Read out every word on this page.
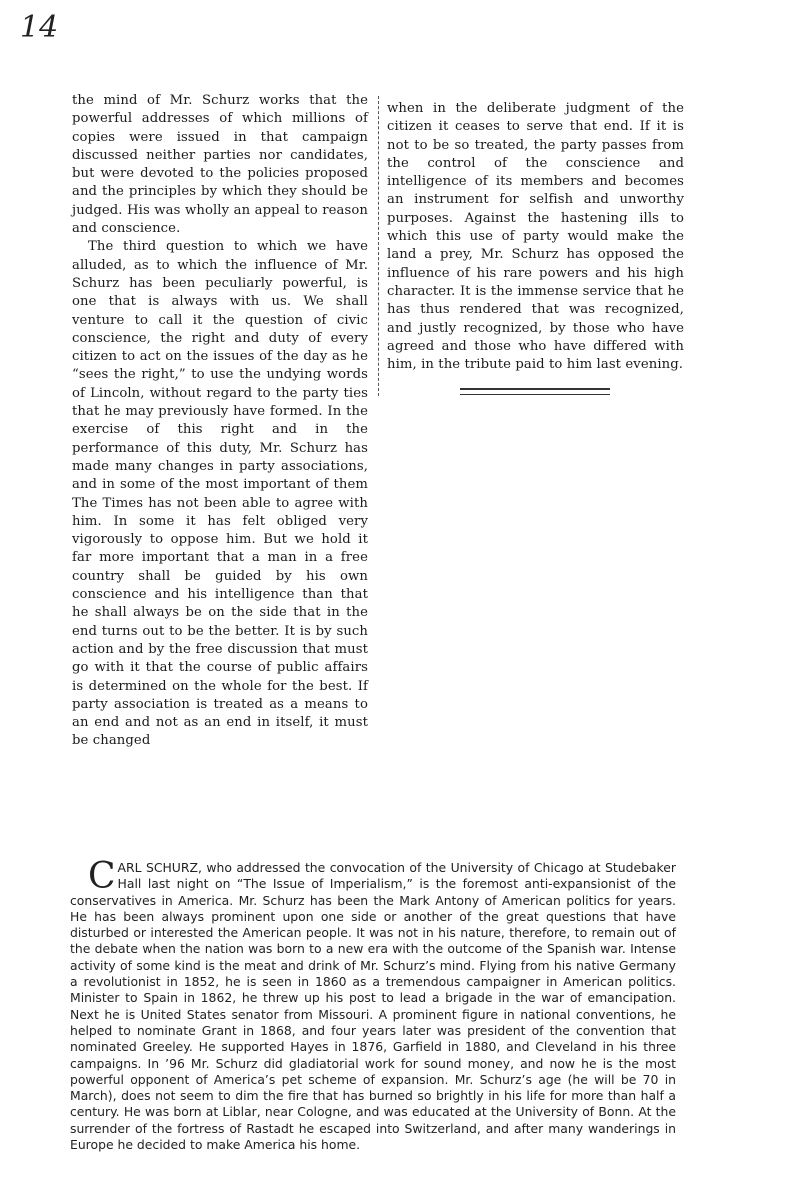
14

the mind of Mr. Schurz works that the powerful addresses of which millions of copies were issued in that campaign discussed neither parties nor candidates, but were devoted to the policies proposed and the principles by which they should be judged. His was wholly an appeal to reason and conscience.

The third question to which we have alluded, as to which the influence of Mr. Schurz has been peculiarly powerful, is one that is always with us. We shall venture to call it the question of civic conscience, the right and duty of every citizen to act on the issues of the day as he “sees the right,” to use the undying words of Lincoln, without regard to the party ties that he may previously have formed. In the exercise of this right and in the performance of this duty, Mr. Schurz has made many changes in party associations, and in some of the most important of them The Times has not been able to agree with him. In some it has felt obliged very vigorously to oppose him. But we hold it far more important that a man in a free country shall be guided by his own conscience and his intelligence than that he shall always be on the side that in the end turns out to be the better. It is by such action and by the free discussion that must go with it that the course of public affairs is determined on the whole for the best. If party association is treated as a means to an end and not as an end in itself, it must be changed

when in the deliberate judgment of the citizen it ceases to serve that end. If it is not to be so treated, the party passes from the control of the conscience and intelligence of its members and becomes an instrument for selfish and unworthy purposes. Against the hastening ills to which this use of party would make the land a prey, Mr. Schurz has opposed the influence of his rare powers and his high character. It is the immense service that he has thus rendered that was recognized, and justly recognized, by those who have agreed and those who have differed with him, in the tribute paid to him last evening.

C ARL SCHURZ, who addressed the convocation of the University of Chicago at Studebaker Hall last night on “The Issue of Imperialism,” is the foremost anti-expansionist of the conservatives in America. Mr. Schurz has been the Mark Antony of American politics for years. He has been always prominent upon one side or another of the great questions that have disturbed or interested the American people. It was not in his nature, therefore, to remain out of the debate when the nation was born to a new era with the outcome of the Spanish war. Intense activity of some kind is the meat and drink of Mr. Schurz’s mind. Flying from his native Germany a revolutionist in 1852, he is seen in 1860 as a tremendous campaigner in American politics. Minister to Spain in 1862, he threw up his post to lead a brigade in the war of emancipation. Next he is United States senator from Missouri. A prominent figure in national conventions, he helped to nominate Grant in 1868, and four years later was president of the convention that nominated Greeley. He supported Hayes in 1876, Garfield in 1880, and Cleveland in his three campaigns. In ’96 Mr. Schurz did gladiatorial work for sound money, and now he is the most powerful opponent of America’s pet scheme of expansion. Mr. Schurz’s age (he will be 70 in March), does not seem to dim the fire that has burned so brightly in his life for more than half a century. He was born at Liblar, near Cologne, and was educated at the University of Bonn. At the surrender of the fortress of Rastadt he escaped into Switzerland, and after many wanderings in Europe he decided to make America his home.
